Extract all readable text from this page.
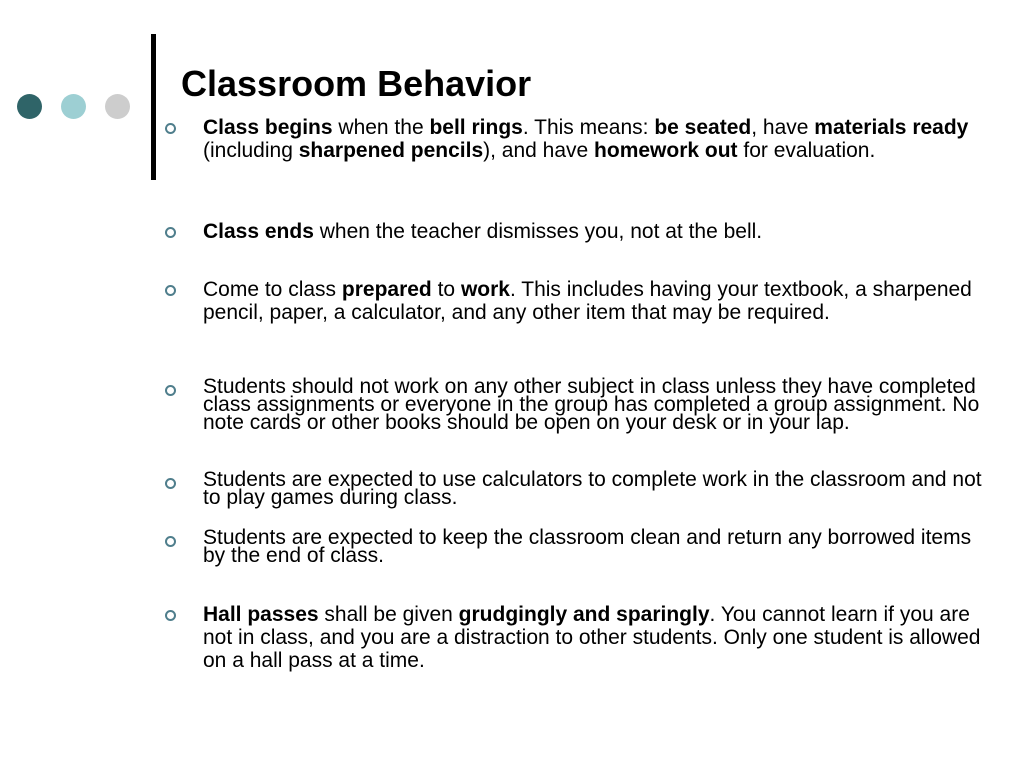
Classroom Behavior
Class begins when the bell rings. This means: be seated, have materials ready (including sharpened pencils), and have homework out for evaluation.
Class ends when the teacher dismisses you, not at the bell.
Come to class prepared to work. This includes having your textbook, a sharpened pencil, paper, a calculator, and any other item that may be required.
Students should not work on any other subject in class unless they have completed class assignments or everyone in the group has completed a group assignment. No note cards or other books should be open on your desk or in your lap.
Students are expected to use calculators to complete work in the classroom and not to play games during class.
Students are expected to keep the classroom clean and return any borrowed items by the end of class.
Hall passes shall be given grudgingly and sparingly. You cannot learn if you are not in class, and you are a distraction to other students. Only one student is allowed on a hall pass at a time.
